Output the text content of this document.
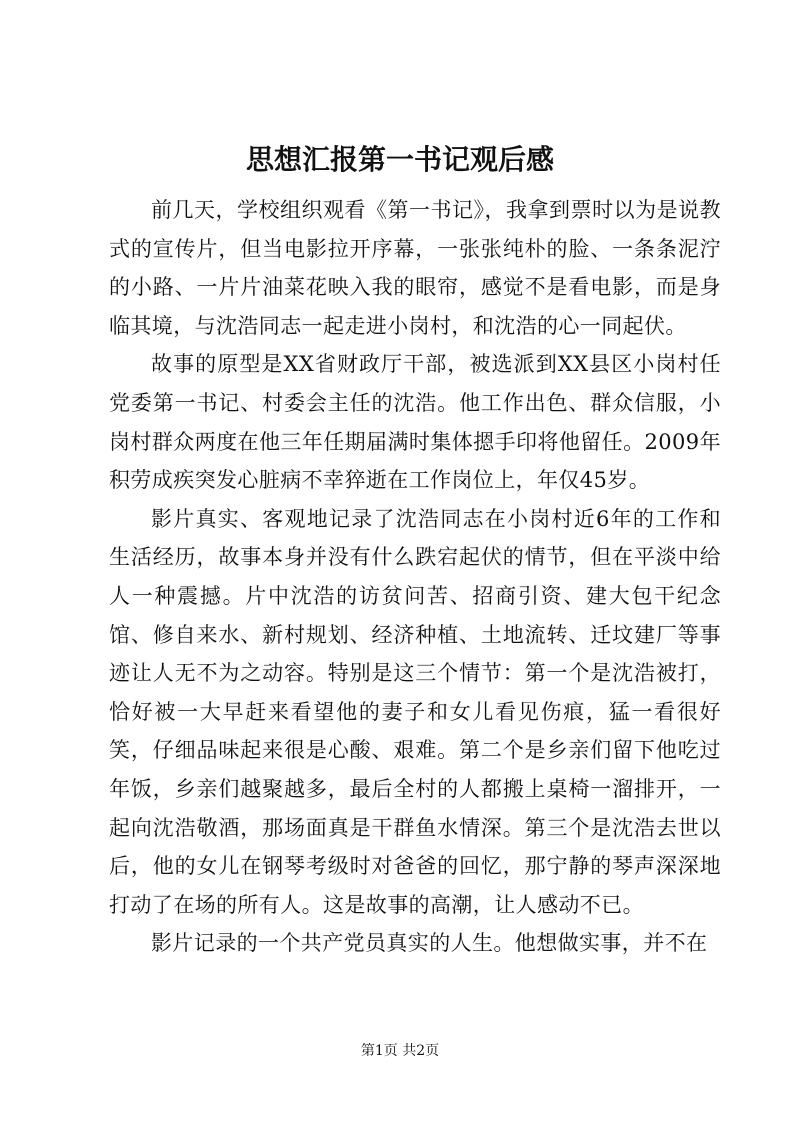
思想汇报第一书记观后感

前几天，学校组织观看《第一书记》，我拿到票时以为是说教式的宣传片，但当电影拉开序幕，一张张纯朴的脸、一条条泥泞的小路、一片片油菜花映入我的眼帘，感觉不是看电影，而是身临其境，与沈浩同志一起走进小岗村，和沈浩的心一同起伏。

故事的原型是XX省财政厅干部，被选派到XX县区小岗村任党委第一书记、村委会主任的沈浩。他工作出色、群众信服，小岗村群众两度在他三年任期届满时集体摁手印将他留任。2009年积劳成疾突发心脏病不幸猝逝在工作岗位上，年仅45岁。

影片真实、客观地记录了沈浩同志在小岗村近6年的工作和生活经历，故事本身并没有什么跌宕起伏的情节，但在平淡中给人一种震撼。片中沈浩的访贫问苦、招商引资、建大包干纪念馆、修自来水、新村规划、经济种植、土地流转、迁坟建厂等事迹让人无不为之动容。特别是这三个情节：第一个是沈浩被打，恰好被一大早赶来看望他的妻子和女儿看见伤痕，猛一看很好笑，仔细品味起来很是心酸、艰难。第二个是乡亲们留下他吃过年饭，乡亲们越聚越多，最后全村的人都搬上桌椅一溜排开，一起向沈浩敬酒，那场面真是干群鱼水情深。第三个是沈浩去世以后，他的女儿在钢琴考级时对爸爸的回忆，那宁静的琴声深深地打动了在场的所有人。这是故事的高潮，让人感动不已。

影片记录的一个共产党员真实的人生。他想做实事，并不在

第1页 共2页
